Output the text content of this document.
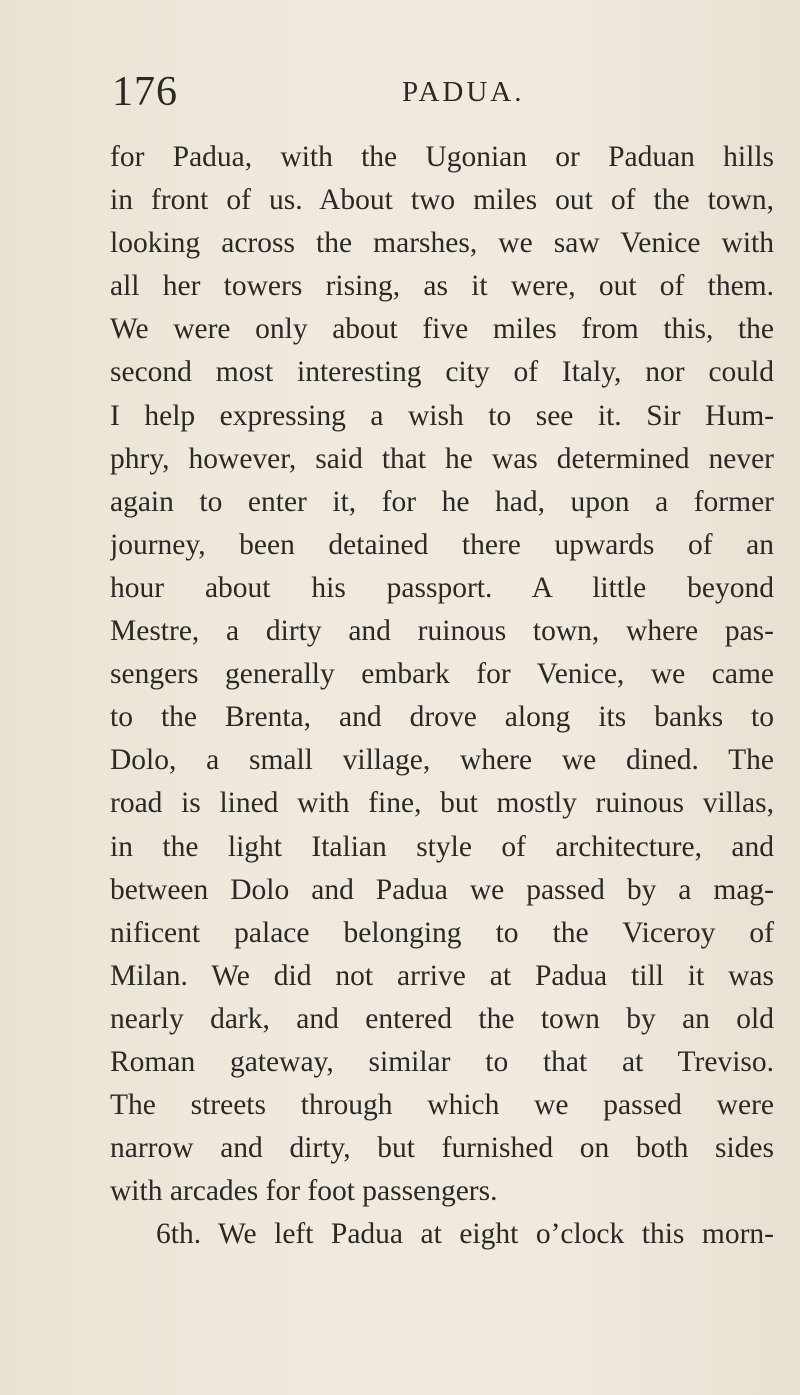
176	PADUA.
for Padua, with the Ugonian or Paduan hills
in front of us. About two miles out of the town,
looking across the marshes, we saw Venice with
all her towers rising, as it were, out of them.
We were only about five miles from this, the
second most interesting city of Italy, nor could
I help expressing a wish to see it. Sir Hum-
phry, however, said that he was determined never
again to enter it, for he had, upon a former
journey, been detained there upwards of an
hour about his passport. A little beyond
Mestre, a dirty and ruinous town, where pas-
sengers generally embark for Venice, we came
to the Brenta, and drove along its banks to
Dolo, a small village, where we dined. The
road is lined with fine, but mostly ruinous villas,
in the light Italian style of architecture, and
between Dolo and Padua we passed by a mag-
nificent palace belonging to the Viceroy of
Milan. We did not arrive at Padua till it was
nearly dark, and entered the town by an old
Roman gateway, similar to that at Treviso.
The streets through which we passed were
narrow and dirty, but furnished on both sides
with arcades for foot passengers.
6th. We left Padua at eight o’clock this morn-
